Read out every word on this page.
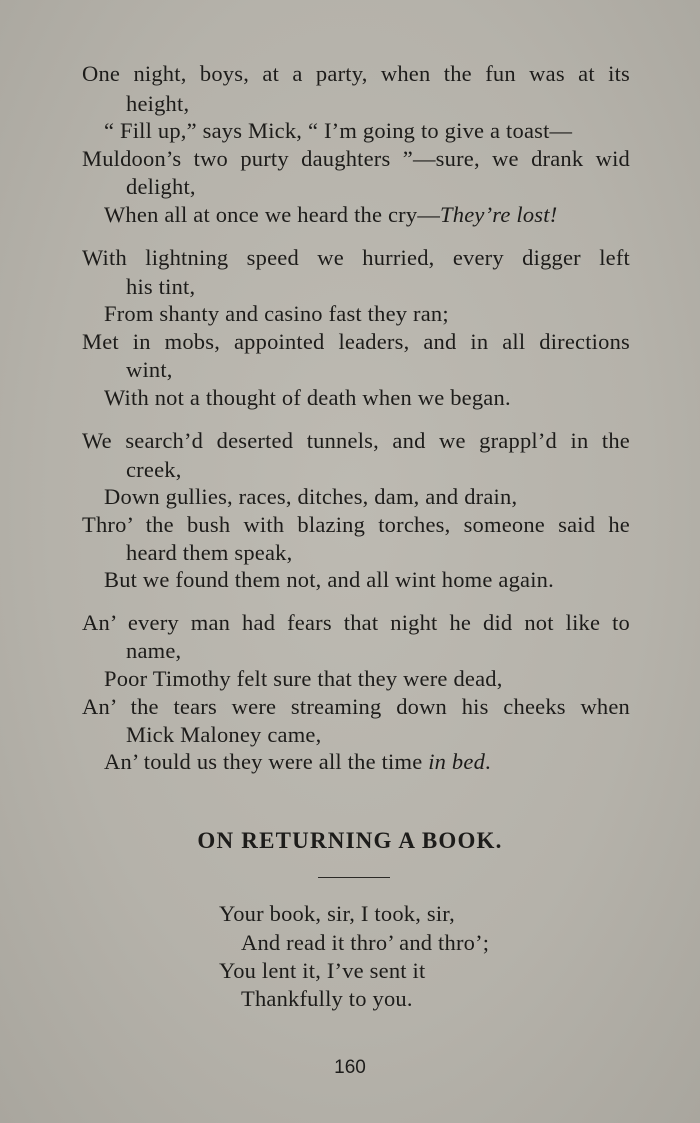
One night, boys, at a party, when the fun was at its
height,
“ Fill up,” says Mick, “ I’m going to give a toast—
Muldoon’s two purty daughters ”—sure, we drank wid
delight,
When all at once we heard the cry—They’re lost!
With lightning speed we hurried, every digger left
his tint,
From shanty and casino fast they ran;
Met in mobs, appointed leaders, and in all directions
wint,
With not a thought of death when we began.
We search’d deserted tunnels, and we grappl’d in the
creek,
Down gullies, races, ditches, dam, and drain,
Thro’ the bush with blazing torches, someone said he
heard them speak,
But we found them not, and all wint home again.
An’ every man had fears that night he did not like to
name,
Poor Timothy felt sure that they were dead,
An’ the tears were streaming down his cheeks when
Mick Maloney came,
An’ tould us they were all the time in bed.
ON RETURNING A BOOK.
Your book, sir, I took, sir,
And read it thro’ and thro’;
You lent it, I’ve sent it
Thankfully to you.
160
